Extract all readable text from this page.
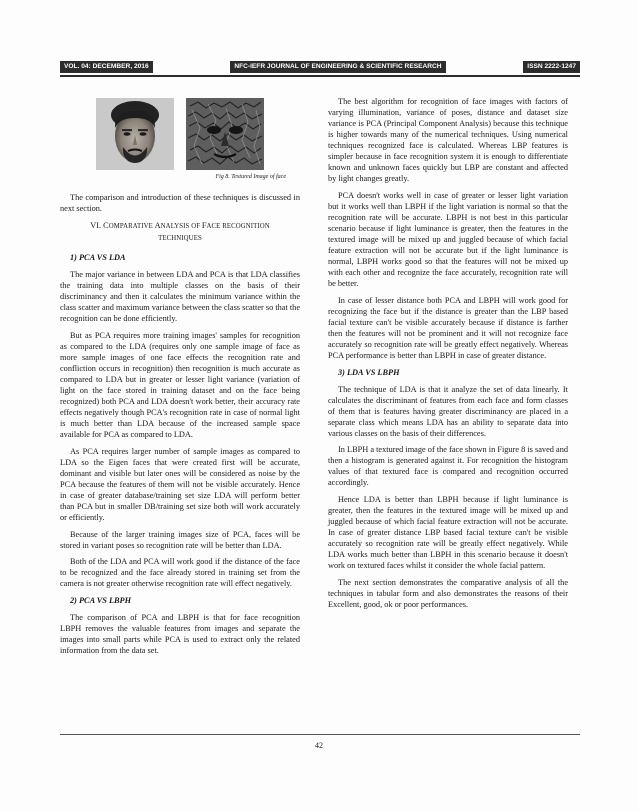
VOL. 04: DECEMBER, 2016	NFC-IEFR JOURNAL OF ENGINEERING & SCIENTIFIC RESEARCH	ISSN 2222-1247
Fig 8. Textured Image of face

The comparison and introduction of these techniques is discussed in next section.

VI. COMPARATIVE ANALYSIS OF FACE RECOGNITION
TECHNIQUES
1) PCA VS LDA

The major variance in between LDA and PCA is that LDA classifies the training data into multiple classes on the basis of their discriminancy and then it calculates the minimum variance within the class scatter and maximum variance between the class scatter so that the recognition can be done efficiently.

But as PCA requires more training images' samples for recognition as compared to the LDA (requires only one sample image of face as more sample images of one face effects the recognition rate and confliction occurs in recognition) then recognition is much accurate as compared to LDA but in greater or lesser light variance (variation of light on the face stored in training dataset and on the face being recognized) both PCA and LDA doesn't work better, their accuracy rate effects negatively though PCA's recognition rate in case of normal light is much better than LDA because of the increased sample space available for PCA as compared to LDA.

As PCA requires larger number of sample images as compared to LDA so the Eigen faces that were created first will be accurate, dominant and visible but later ones will be considered as noise by the PCA because the features of them will not be visible accurately. Hence in case of greater database/training set size LDA will perform better than PCA but in smaller DB/training set size both will work accurately or efficiently.

Because of the larger training images size of PCA, faces will be stored in variant poses so recognition rate will be better than LDA.

Both of the LDA and PCA will work good if the distance of the face to be recognized and the face already stored in training set from the camera is not greater otherwise recognition rate will effect negatively.

2) PCA VS LBPH

The comparison of PCA and LBPH is that for face recognition LBPH removes the valuable features from images and separate the images into small parts while PCA is used to extract only the related information from the data set.

The best algorithm for recognition of face images with factors of varying illumination, variance of poses, distance and dataset size variance is PCA (Principal Component Analysis) because this technique is higher towards many of the numerical techniques. Using numerical techniques recognized face is calculated. Whereas LBP features is simpler because in face recognition system it is enough to differentiate known and unknown faces quickly but LBP are constant and affected by light changes greatly.

PCA doesn't works well in case of greater or lesser light variation but it works well than LBPH if the light variation is normal so that the recognition rate will be accurate. LBPH is not best in this particular scenario because if light luminance is greater, then the features in the textured image will be mixed up and juggled because of which facial feature extraction will not be accurate but if the light luminance is normal, LBPH works good so that the features will not be mixed up with each other and recognize the face accurately, recognition rate will be better.

In case of lesser distance both PCA and LBPH will work good for recognizing the face but if the distance is greater than the LBP based facial texture can't be visible accurately because if distance is farther then the features will not be prominent and it will not recognize face accurately so recognition rate will be greatly effect negatively. Whereas PCA performance is better than LBPH in case of greater distance.

3) LDA VS LBPH

The technique of LDA is that it analyze the set of data linearly. It calculates the discriminant of features from each face and form classes of them that is features having greater discriminancy are placed in a separate class which means LDA has an ability to separate data into various classes on the basis of their differences.

In LBPH a textured image of the face shown in Figure 8 is saved and then a histogram is generated against it. For recognition the histogram values of that textured face is compared and recognition occurred accordingly.

Hence LDA is better than LBPH because if light luminance is greater, then the features in the textured image will be mixed up and juggled because of which facial feature extraction will not be accurate. In case of greater distance LBP based facial texture can't be visible accurately so recognition rate will be greatly effect negatively. While LDA works much better than LBPH in this scenario because it doesn't work on textured faces whilst it consider the whole facial pattern.

The next section demonstrates the comparative analysis of all the techniques in tabular form and also demonstrates the reasons of their Excellent, good, ok or poor performances.

42
